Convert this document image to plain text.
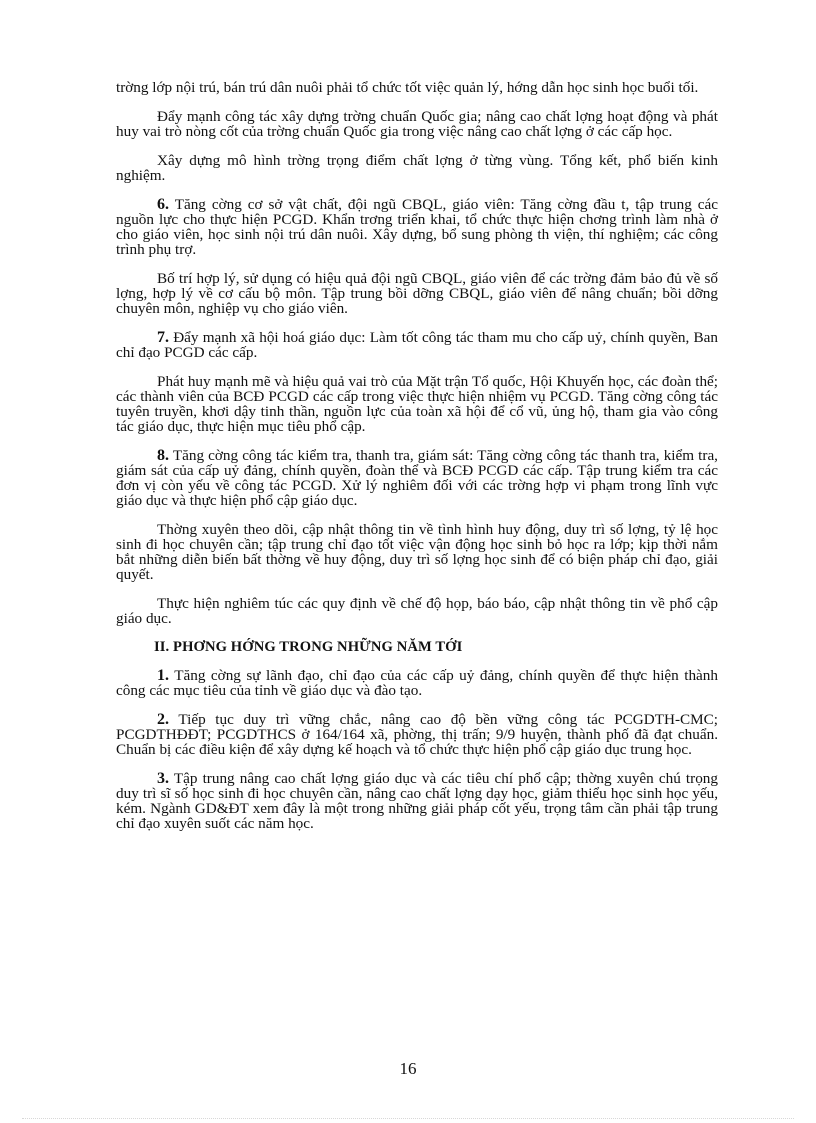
trờng lớp nội trú, bán trú dân nuôi phải tổ chức tốt việc quản lý, hớng dẫn học sinh học buổi tối.

Đẩy mạnh công tác xây dựng trờng chuẩn Quốc gia; nâng cao chất lợng hoạt động và phát huy vai trò nòng cốt của trờng chuẩn Quốc gia trong việc nâng cao chất lợng ở các cấp học.

Xây dựng mô hình trờng trọng điểm chất lợng ở từng vùng. Tổng kết, phổ biến kinh nghiệm.

6. Tăng cờng cơ sở vật chất, đội ngũ CBQL, giáo viên: Tăng cờng đầu t, tập trung các nguồn lực cho thực hiện PCGD. Khẩn trơng triển khai, tổ chức thực hiện chơng trình làm nhà ở cho giáo viên, học sinh nội trú dân nuôi. Xây dựng, bổ sung phòng th viện, thí nghiệm; các công trình phụ trợ.

Bố trí hợp lý, sử dụng có hiệu quả đội ngũ CBQL, giáo viên để các trờng đảm bảo đủ về số lợng, hợp lý về cơ cấu bộ môn. Tập trung bồi dỡng CBQL, giáo viên để nâng chuẩn; bồi dỡng chuyên môn, nghiệp vụ cho giáo viên.

7. Đẩy mạnh xã hội hoá giáo dục: Làm tốt công tác tham mu cho cấp uỷ, chính quyền, Ban chỉ đạo PCGD các cấp.

Phát huy mạnh mẽ và hiệu quả vai trò của Mặt trận Tổ quốc, Hội Khuyến học, các đoàn thể; các thành viên của BCĐ PCGD các cấp trong việc thực hiện nhiệm vụ PCGD. Tăng cờng công tác tuyên truyền, khơi dậy tinh thần, nguồn lực của toàn xã hội để cổ vũ, ủng hộ, tham gia vào công tác giáo dục, thực hiện mục tiêu phổ cập.

8. Tăng cờng công tác kiểm tra, thanh tra, giám sát: Tăng cờng công tác thanh tra, kiểm tra, giám sát của cấp uỷ đảng, chính quyền, đoàn thể và BCĐ PCGD các cấp. Tập trung kiểm tra các đơn vị còn yếu về công tác PCGD. Xử lý nghiêm đối với các trờng hợp vi phạm trong lĩnh vực giáo dục và thực hiện phổ cập giáo dục.

Thờng xuyên theo dõi, cập nhật thông tin về tình hình huy động, duy trì số lợng, tỷ lệ học sinh đi học chuyên cần; tập trung chỉ đạo tốt việc vận động học sinh bỏ học ra lớp; kịp thời nắm bắt những diễn biến bất thờng về huy động, duy trì số lợng học sinh để có biện pháp chỉ đạo, giải quyết.

Thực hiện nghiêm túc các quy định về chế độ họp, báo báo, cập nhật thông tin về phổ cập giáo dục.

II. PHƠNG HỚNG TRONG NHỮNG NĂM TỚI

1. Tăng cờng sự lãnh đạo, chỉ đạo của các cấp uỷ đảng, chính quyền để thực hiện thành công các mục tiêu của tỉnh về giáo dục và đào tạo.

2. Tiếp tục duy trì vững chắc, nâng cao độ bền vững công tác PCGDTH-CMC; PCGDTHĐĐT; PCGDTHCS ở 164/164 xã, phờng, thị trấn; 9/9 huyện, thành phố đã đạt chuẩn. Chuẩn bị các điều kiện để xây dựng kế hoạch và tổ chức thực hiện phổ cập giáo dục trung học.

3. Tập trung nâng cao chất lợng giáo dục và các tiêu chí phổ cập; thờng xuyên chú trọng duy trì sĩ số học sinh đi học chuyên cần, nâng cao chất lợng dạy học, giảm thiểu học sinh học yếu, kém. Ngành GD&ĐT xem đây là một trong những giải pháp cốt yếu, trọng tâm cần phải tập trung chỉ đạo xuyên suốt các năm học.

16
